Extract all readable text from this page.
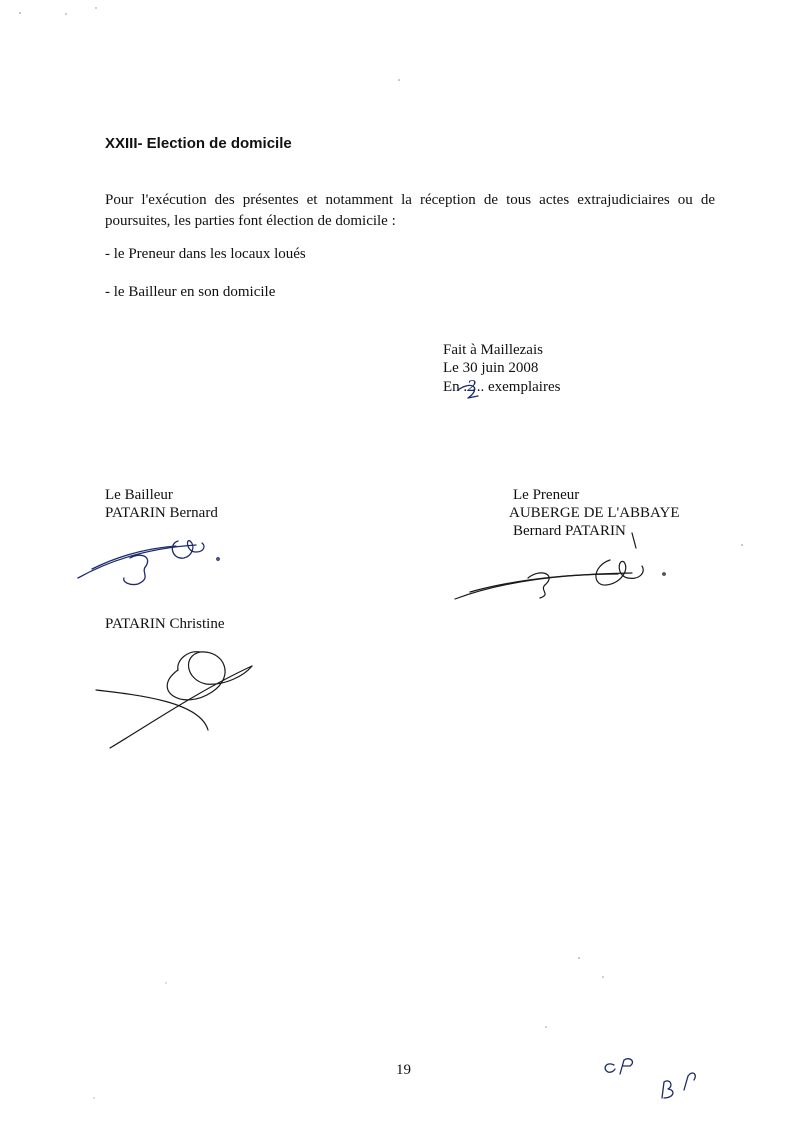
XXIII- Election de domicile

Pour l'exécution des présentes et notamment la réception de tous actes extrajudiciaires ou de poursuites, les parties font élection de domicile :

- le Preneur dans les locaux loués

- le Bailleur en son domicile

Fait à Maillezais
Le 30 juin 2008
En .2.. exemplaires
Le Bailleur
PATARIN Bernard
Le Preneur
AUBERGE DE L'ABBAYE
Bernard PATARIN
PATARIN Christine
19
